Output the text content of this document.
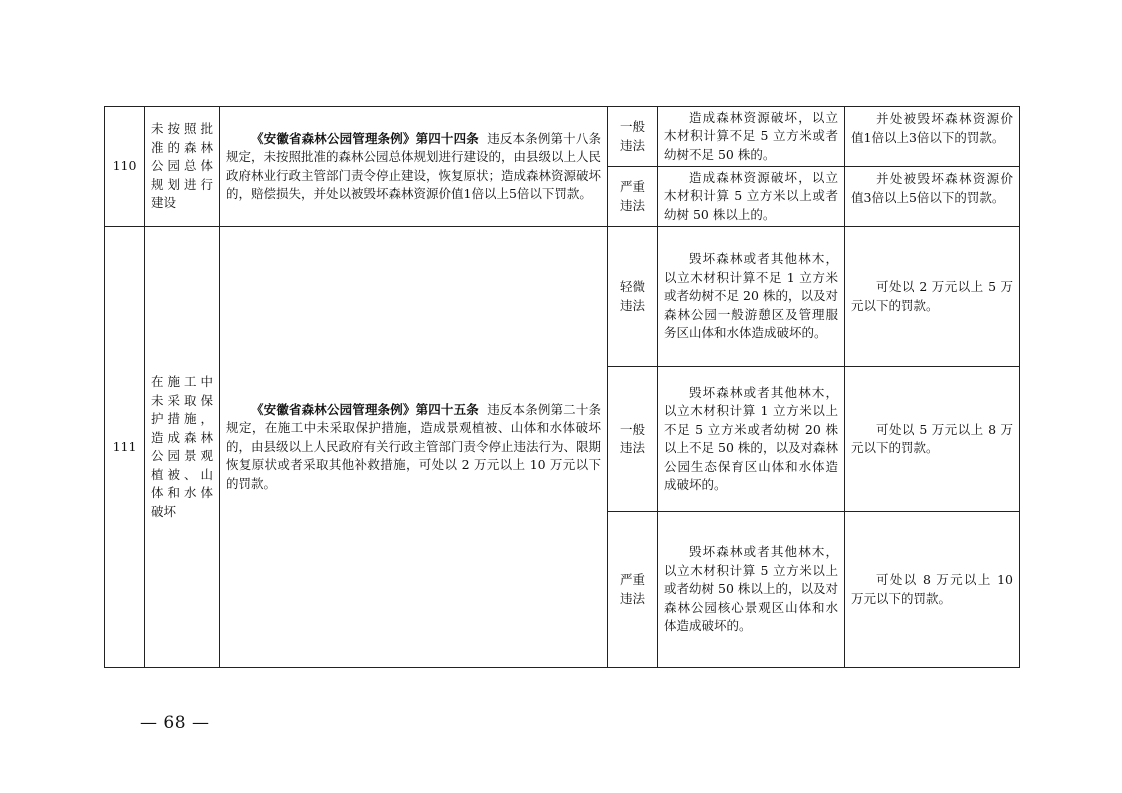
110	未按照批准的森林公园总体规划进行建设	《安徽省森林公园管理条例》第四十四条 违反本条例第十八条规定，未按照批准的森林公园总体规划进行建设的，由县级以上人民政府林业行政主管部门责令停止建设，恢复原状；造成森林资源破坏的，赔偿损失，并处以被毁坏森林资源价值1倍以上5倍以下罚款。	一般违法	造成森林资源破坏，以立木材积计算不足 5 立方米或者幼树不足 50 株的。	并处被毁坏森林资源价值1倍以上3倍以下的罚款。

			严重违法	造成森林资源破坏，以立木材积计算 5 立方米以上或者幼树 50 株以上的。	并处被毁坏森林资源价值3倍以上5倍以下的罚款。

111	在施工中未采取保护措施，造成森林公园景观植被、山体和水体破坏	《安徽省森林公园管理条例》第四十五条 违反本条例第二十条规定，在施工中未采取保护措施，造成景观植被、山体和水体破坏的，由县级以上人民政府有关行政主管部门责令停止违法行为、限期恢复原状或者采取其他补救措施，可处以 2 万元以上 10 万元以下的罚款。	轻微违法	毁坏森林或者其他林木，以立木材积计算不足 1 立方米或者幼树不足 20 株的，以及对森林公园一般游憩区及管理服务区山体和水体造成破坏的。	可处以 2 万元以上 5 万元以下的罚款。

			一般违法	毁坏森林或者其他林木，以立木材积计算 1 立方米以上不足 5 立方米或者幼树 20 株以上不足 50 株的，以及对森林公园生态保育区山体和水体造成破坏的。	可处以 5 万元以上 8 万元以下的罚款。

			严重违法	毁坏森林或者其他林木，以立木材积计算 5 立方米以上或者幼树 50 株以上的，以及对森林公园核心景观区山体和水体造成破坏的。	可处以 8 万元以上 10 万元以下的罚款。
— 68 —
